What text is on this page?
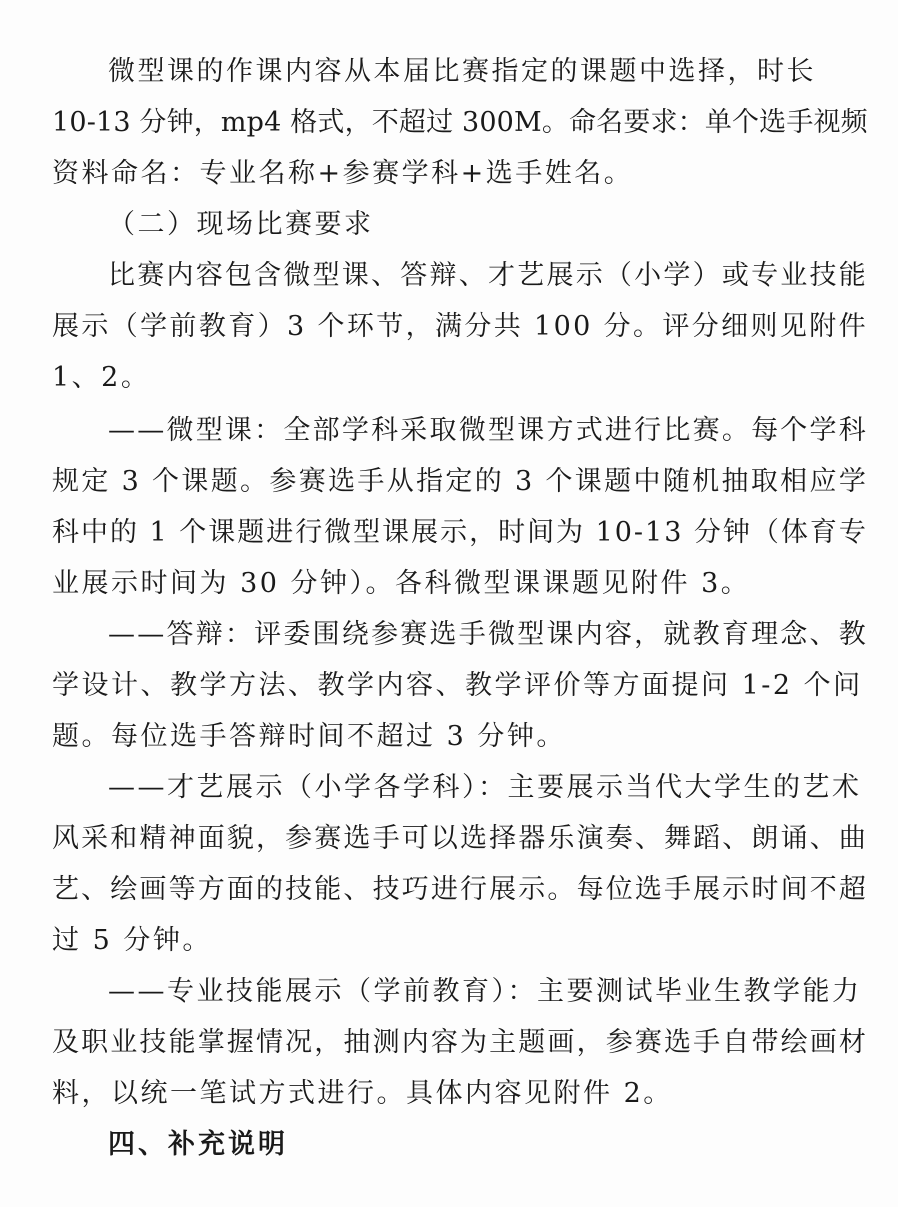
微型课的作课内容从本届比赛指定的课题中选择，时长
10-13 分钟，mp4 格式，不超过 300M。命名要求：单个选手视频
资料命名：专业名称+参赛学科+选手姓名。
（二）现场比赛要求
比赛内容包含微型课、答辩、才艺展示（小学）或专业技能
展示（学前教育）3 个环节，满分共 100 分。评分细则见附件
1、2。
——微型课：全部学科采取微型课方式进行比赛。每个学科
规定 3 个课题。参赛选手从指定的 3 个课题中随机抽取相应学
科中的 1 个课题进行微型课展示，时间为 10-13 分钟（体育专
业展示时间为 30 分钟）。各科微型课课题见附件 3。
——答辩：评委围绕参赛选手微型课内容，就教育理念、教
学设计、教学方法、教学内容、教学评价等方面提问 1-2 个问
题。每位选手答辩时间不超过 3 分钟。
——才艺展示（小学各学科）：主要展示当代大学生的艺术
风采和精神面貌，参赛选手可以选择器乐演奏、舞蹈、朗诵、曲
艺、绘画等方面的技能、技巧进行展示。每位选手展示时间不超
过 5 分钟。
——专业技能展示（学前教育）：主要测试毕业生教学能力
及职业技能掌握情况，抽测内容为主题画，参赛选手自带绘画材
料，以统一笔试方式进行。具体内容见附件 2。
四、补充说明
